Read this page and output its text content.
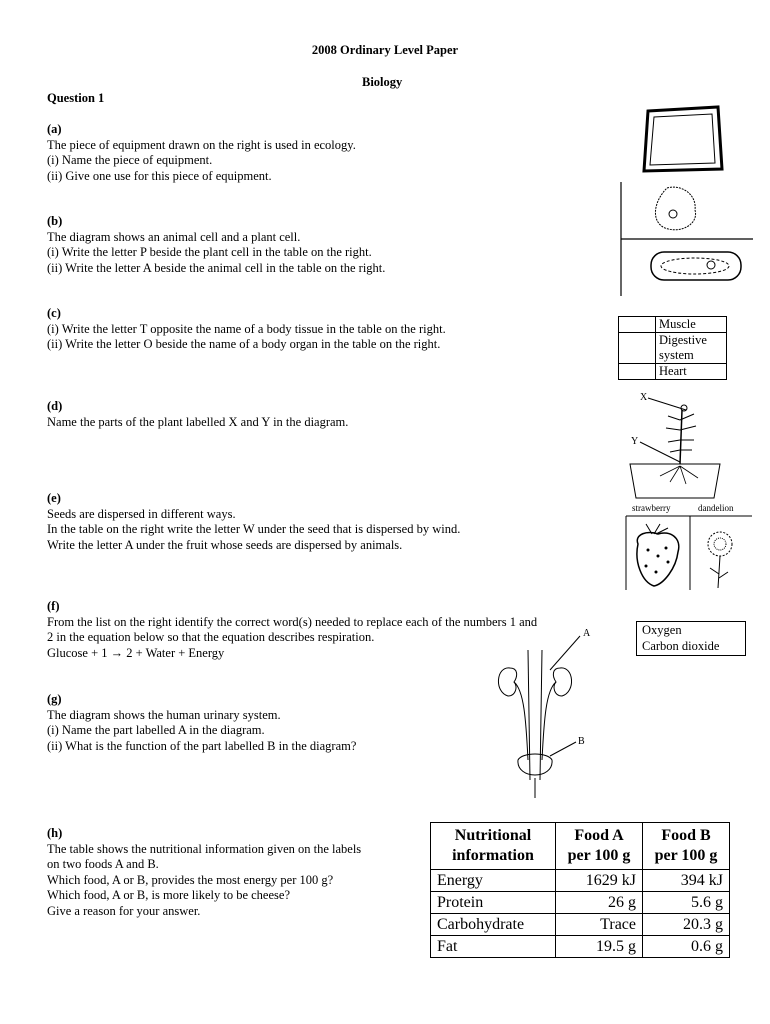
2008 Ordinary Level Paper
Biology
Question 1
(a)
The piece of equipment drawn on the right is used in ecology.
(i) Name the piece of equipment.
(ii) Give one use for this piece of equipment.
(b)
The diagram shows an animal cell and a plant cell.
(i) Write the letter P beside the plant cell in the table on the right.
(ii) Write the letter A beside the animal cell in the table on the right.
(c)
(i) Write the letter T opposite the name of a body tissue in the table on the right.
(ii) Write the letter O beside the name of a body organ in the table on the right.
	Muscle
	Digestive system
	Heart
(d)
Name the parts of the plant labelled X and Y in the diagram.
X
Y
(e)
Seeds are dispersed in different ways.
In the table on the right write the letter W under the seed that is dispersed by wind.
Write the letter A under the fruit whose seeds are dispersed by animals.
strawberry	dandelion
(f)
From the list on the right identify the correct word(s) needed to replace each of the numbers 1 and
2 in the equation below so that the equation describes respiration.
Glucose + 1 → 2 + Water + Energy
Oxygen
Carbon dioxide
(g)
The diagram shows the human urinary system.
(i) Name the part labelled A in the diagram.
(ii) What is the function of the part labelled B in the diagram?
A
B
(h)
The table shows the nutritional information given on the labels
on two foods A and B.
Which food, A or B, provides the most energy per 100 g?
Which food, A or B, is more likely to be cheese?
Give a reason for your answer.
Nutritional information	Food A per 100 g	Food B per 100 g
Energy	1629 kJ	394 kJ
Protein	26 g	5.6 g
Carbohydrate	Trace	20.3 g
Fat	19.5 g	0.6 g
